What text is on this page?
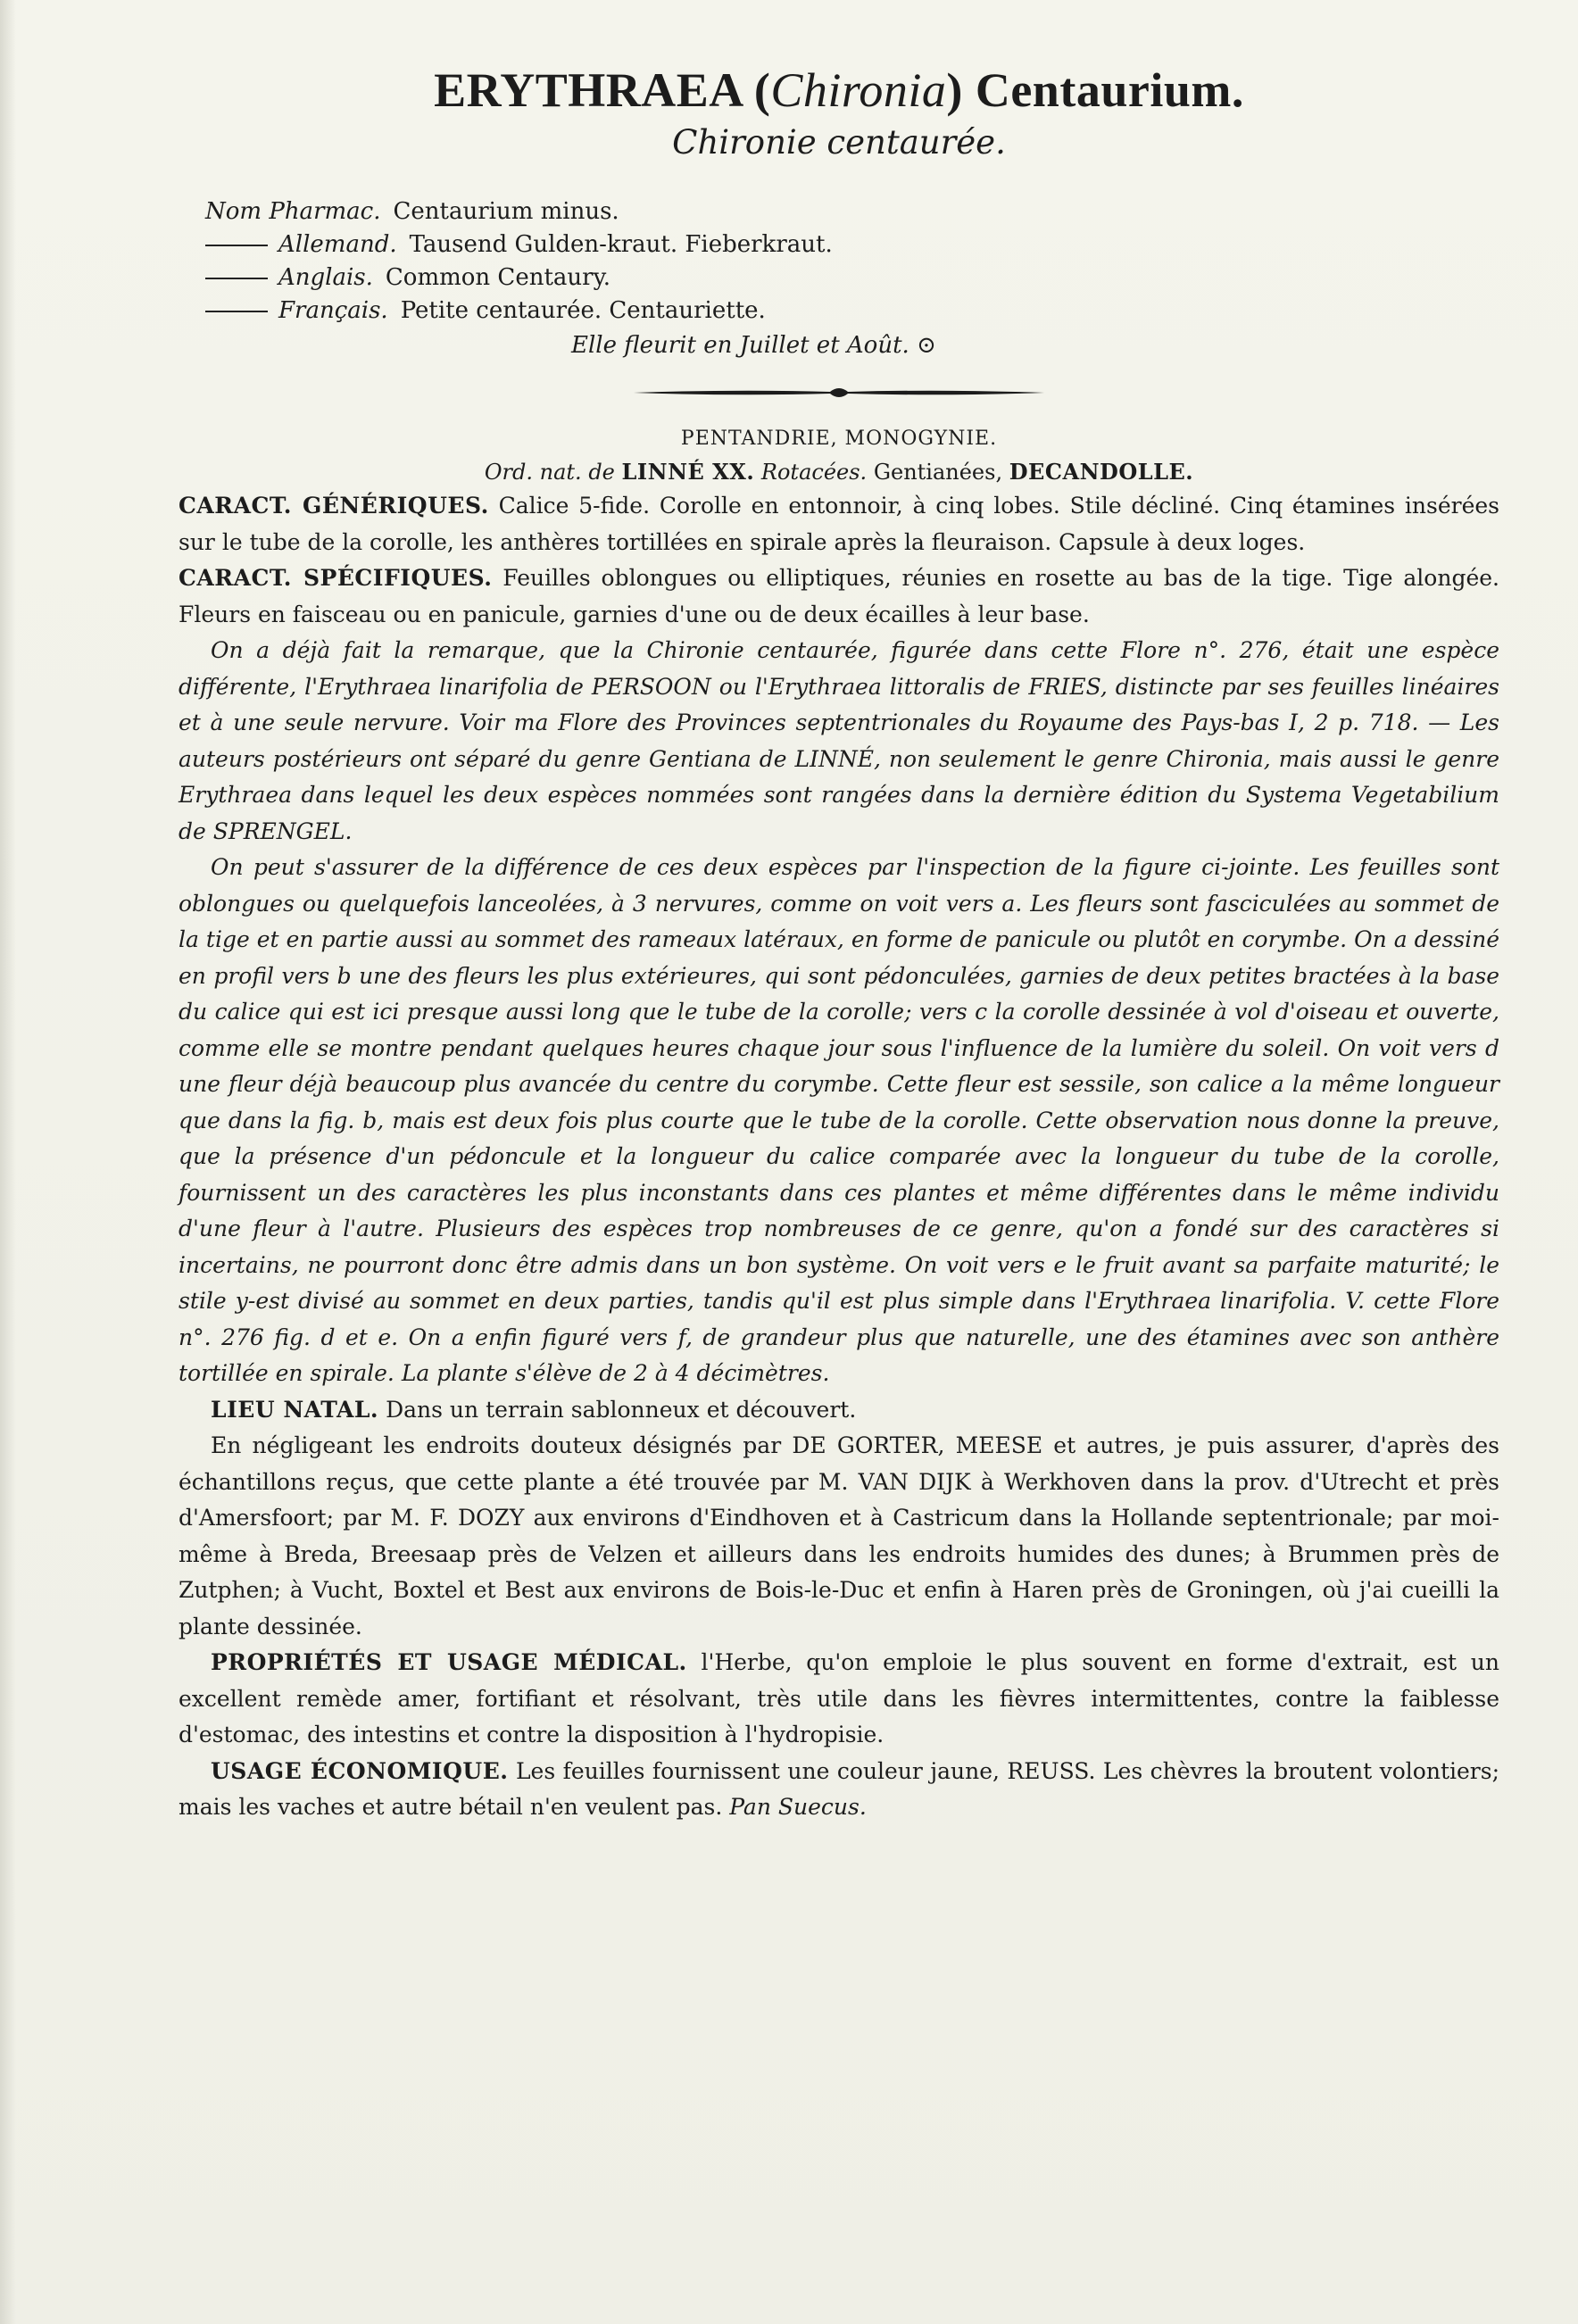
ERYTHRAEA (Chironia) Centaurium.
Chironie centaurée.
Nom Pharmac. Centaurium minus.
Allemand. Tausend Gulden-kraut. Fieberkraut.
Anglais. Common Centaury.
Français. Petite centaurée. Centauriette.
Elle fleurit en Juillet et Août. ⊙
PENTANDRIE, MONOGYNIE.
Ord. nat. de LINNÉ XX. Rotacées. Gentianées, DECANDOLLE.

CARACT. GÉNÉRIQUES. Calice 5-fide. Corolle en entonnoir, à cinq lobes. Stile décliné. Cinq étamines insérées sur le tube de la corolle, les anthères tortillées en spirale après la fleuraison. Capsule à deux loges.

CARACT. SPÉCIFIQUES. Feuilles oblongues ou elliptiques, réunies en rosette au bas de la tige. Tige alongée. Fleurs en faisceau ou en panicule, garnies d'une ou de deux écailles à leur base.

On a déjà fait la remarque, que la Chironie centaurée, figurée dans cette Flore n°. 276, était une espèce différente, l'Erythraea linarifolia de PERSOON ou l'Erythraea littoralis de FRIES, distincte par ses feuilles linéaires et à une seule nervure. Voir ma Flore des Provinces septentrionales du Royaume des Pays-bas I, 2 p. 718. — Les auteurs postérieurs ont séparé du genre Gentiana de LINNÉ, non seulement le genre Chironia, mais aussi le genre Erythraea dans lequel les deux espèces nommées sont rangées dans la dernière édition du Systema Vegetabilium de SPRENGEL.

On peut s'assurer de la différence de ces deux espèces par l'inspection de la figure ci-jointe. Les feuilles sont oblongues ou quelquefois lanceolées, à 3 nervures, comme on voit vers a. Les fleurs sont fasciculées au sommet de la tige et en partie aussi au sommet des rameaux latéraux, en forme de panicule ou plutôt en corymbe. On a dessiné en profil vers b une des fleurs les plus extérieures, qui sont pédonculées, garnies de deux petites bractées à la base du calice qui est ici presque aussi long que le tube de la corolle; vers c la corolle dessinée à vol d'oiseau et ouverte, comme elle se montre pendant quelques heures chaque jour sous l'influence de la lumière du soleil. On voit vers d une fleur déjà beaucoup plus avancée du centre du corymbe. Cette fleur est sessile, son calice a la même longueur que dans la fig. b, mais est deux fois plus courte que le tube de la corolle. Cette observation nous donne la preuve, que la présence d'un pédoncule et la longueur du calice comparée avec la longueur du tube de la corolle, fournissent un des caractères les plus inconstants dans ces plantes et même différentes dans le même individu d'une fleur à l'autre. Plusieurs des espèces trop nombreuses de ce genre, qu'on a fondé sur des caractères si incertains, ne pourront donc être admis dans un bon système. On voit vers e le fruit avant sa parfaite maturité; le stile y-est divisé au sommet en deux parties, tandis qu'il est plus simple dans l'Erythraea linarifolia. V. cette Flore n°. 276 fig. d et e. On a enfin figuré vers f, de grandeur plus que naturelle, une des étamines avec son anthère tortillée en spirale. La plante s'élève de 2 à 4 décimètres.

LIEU NATAL. Dans un terrain sablonneux et découvert.

En négligeant les endroits douteux désignés par DE GORTER, MEESE et autres, je puis assurer, d'après des échantillons reçus, que cette plante a été trouvée par M. VAN DIJK à Werkhoven dans la prov. d'Utrecht et près d'Amersfoort; par M. F. DOZY aux environs d'Eindhoven et à Castricum dans la Hollande septentrionale; par moi-même à Breda, Breesaap près de Velzen et ailleurs dans les endroits humides des dunes; à Brummen près de Zutphen; à Vucht, Boxtel et Best aux environs de Bois-le-Duc et enfin à Haren près de Groningen, où j'ai cueilli la plante dessinée.

PROPRIÉTÉS ET USAGE MÉDICAL. l'Herbe, qu'on emploie le plus souvent en forme d'extrait, est un excellent remède amer, fortifiant et résolvant, très utile dans les fièvres intermittentes, contre la faiblesse d'estomac, des intestins et contre la disposition à l'hydropisie.

USAGE ÉCONOMIQUE. Les feuilles fournissent une couleur jaune, REUSS. Les chèvres la broutent volontiers; mais les vaches et autre bétail n'en veulent pas. Pan Suecus.
